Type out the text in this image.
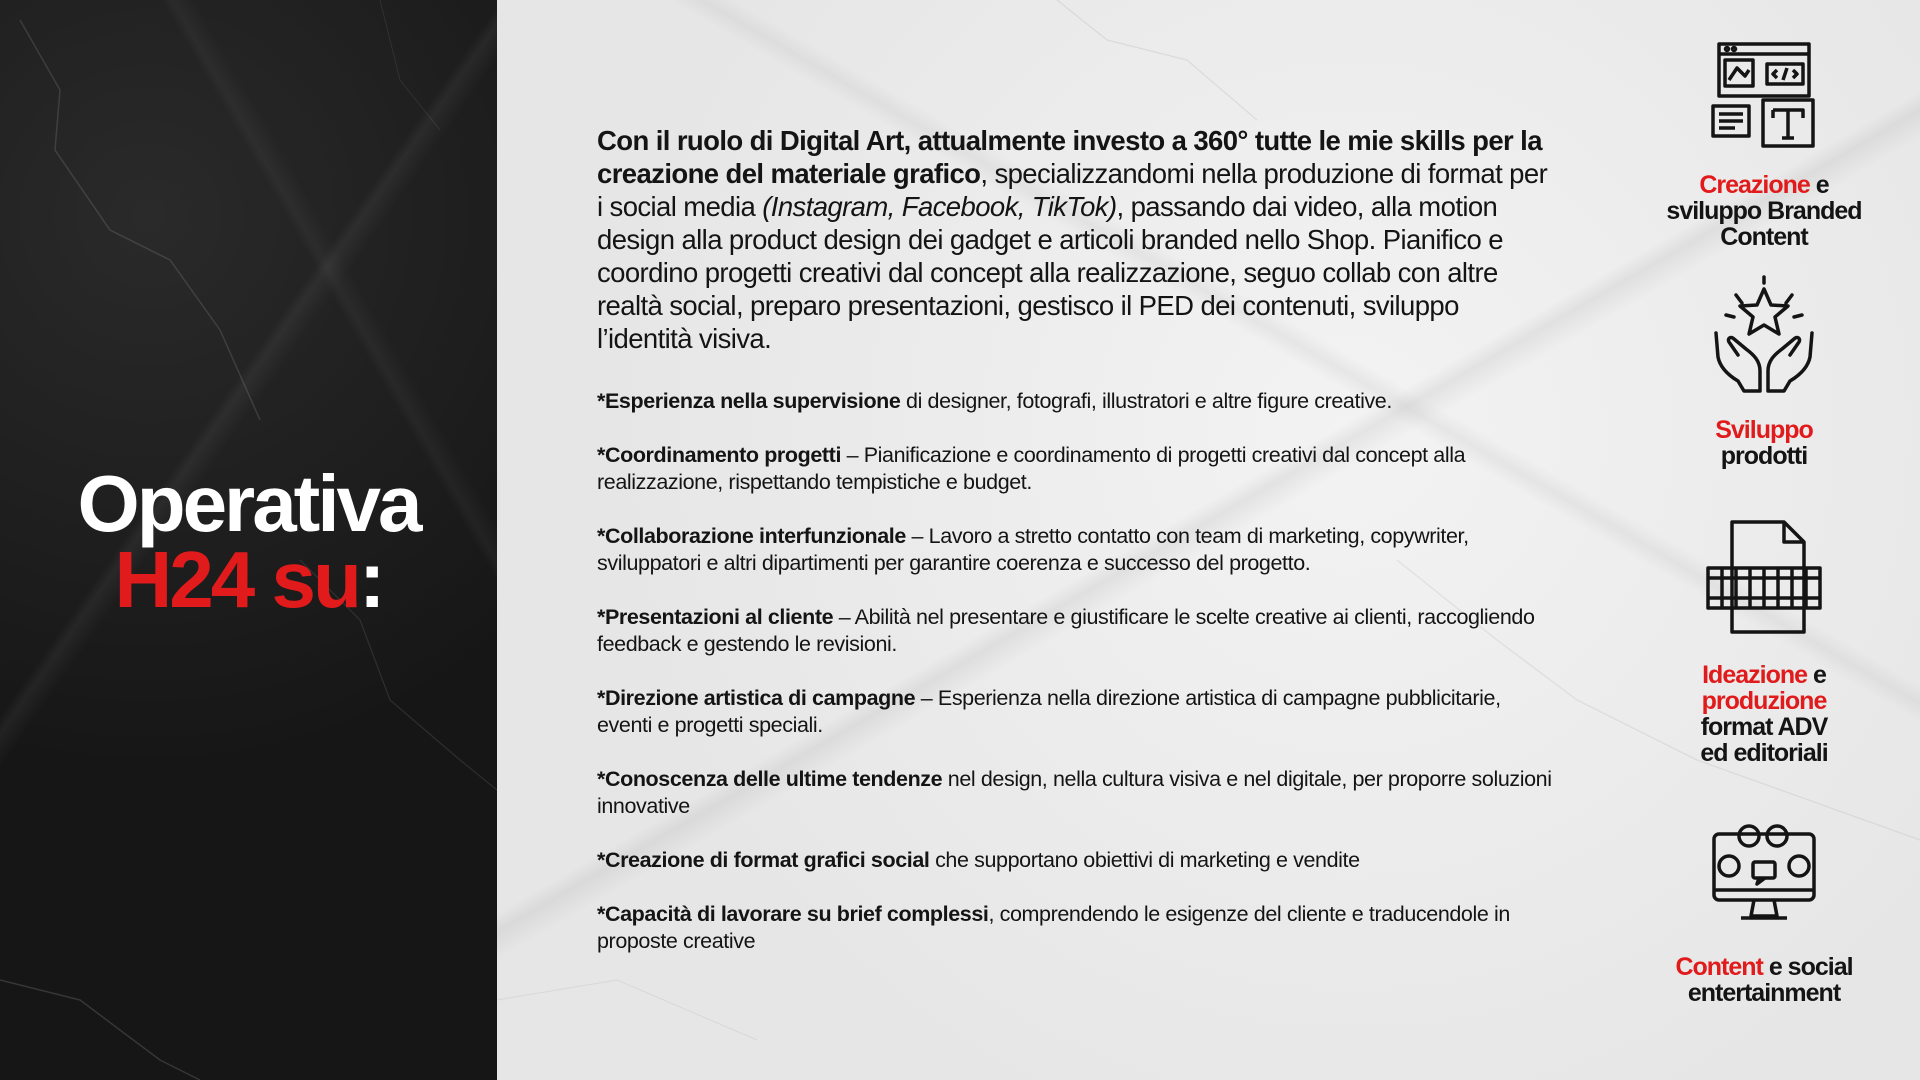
Operativa
H24 su:

Con il ruolo di Digital Art, attualmente investo a 360° tutte le mie skills per la creazione del materiale grafico, specializzandomi nella produzione di format per i social media (Instagram, Facebook, TikTok), passando dai video, alla motion design alla product design dei gadget e articoli branded nello Shop. Pianifico e coordino progetti creativi dal concept alla realizzazione, seguo collab con altre realtà social, preparo presentazioni, gestisco il PED dei contenuti, sviluppo l’identità visiva.

*Esperienza nella supervisione di designer, fotografi, illustratori e altre figure creative.

*Coordinamento progetti – Pianificazione e coordinamento di progetti creativi dal concept alla realizzazione, rispettando tempistiche e budget.

*Collaborazione interfunzionale – Lavoro a stretto contatto con team di marketing, copywriter, sviluppatori e altri dipartimenti per garantire coerenza e successo del progetto.

*Presentazioni al cliente – Abilità nel presentare e giustificare le scelte creative ai clienti, raccogliendo feedback e gestendo le revisioni.

*Direzione artistica di campagne – Esperienza nella direzione artistica di campagne pubblicitarie, eventi e progetti speciali.

*Conoscenza delle ultime tendenze nel design, nella cultura visiva e nel digitale, per proporre soluzioni innovative

*Creazione di format grafici social che supportano obiettivi di marketing e vendite

*Capacità di lavorare su brief complessi, comprendendo le esigenze del cliente e traducendole in proposte creative

Creazione e
sviluppo Branded
Content
Sviluppo
prodotti
Ideazione e
produzione
format ADV
ed editoriali
Content e social
entertainment
